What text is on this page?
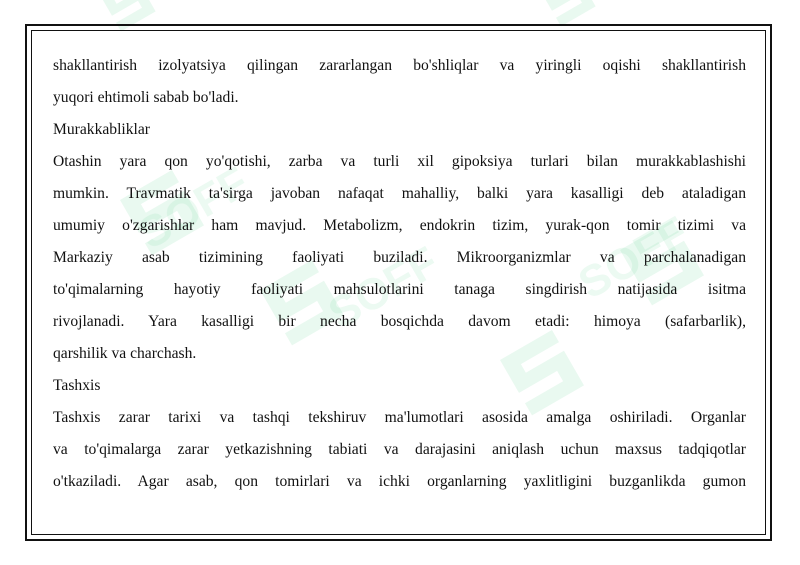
SOFF	SOFF
SOFF
shakllantirish izolyatsiya qilingan zararlangan bo'shliqlar va yiringli oqishi shakllantirish
yuqori ehtimoli sabab bo'ladi.
Murakkabliklar
Otashin yara qon yo'qotishi, zarba va turli xil gipoksiya turlari bilan murakkablashishi
mumkin. Travmatik ta'sirga javoban nafaqat mahalliy, balki yara kasalligi deb ataladigan
umumiy o'zgarishlar ham mavjud. Metabolizm, endokrin tizim, yurak-qon tomir tizimi va
Markaziy asab tizimining faoliyati buziladi. Mikroorganizmlar va parchalanadigan
to'qimalarning hayotiy faoliyati mahsulotlarini tanaga singdirish natijasida isitma
rivojlanadi. Yara kasalligi bir necha bosqichda davom etadi: himoya (safarbarlik),
qarshilik va charchash.
Tashxis
Tashxis zarar tarixi va tashqi tekshiruv ma'lumotlari asosida amalga oshiriladi. Organlar
va to'qimalarga zarar yetkazishning tabiati va darajasini aniqlash uchun maxsus tadqiqotlar
o'tkaziladi. Agar asab, qon tomirlari va ichki organlarning yaxlitligini buzganlikda gumon
